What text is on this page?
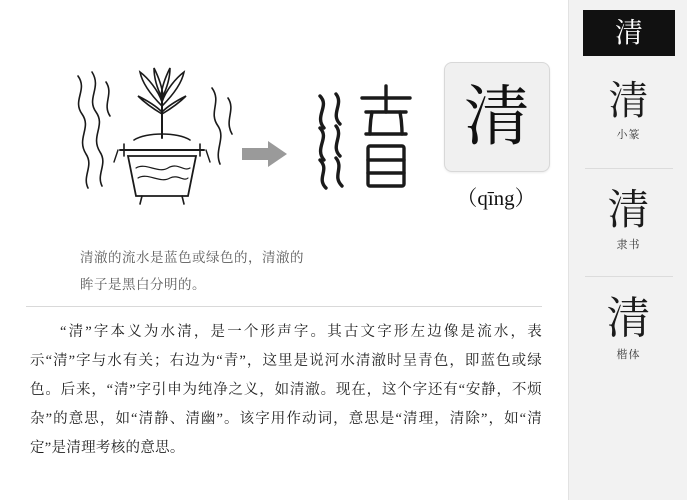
清
（qīng）
清澈的流水是蓝色或绿色的，清澈的
眸子是黑白分明的。
“清”字本义为水清，是一个形声字。其古文字形左边像是流水，表示“清”字与水有关；右边为“青”，这里是说河水清澈时呈青色，即蓝色或绿色。后来，“清”字引申为纯净之义，如清澈。现在，这个字还有“安静，不烦杂”的意思，如“清静、清幽”。该字用作动词，意思是“清理，清除”，如“清定”是清理考核的意思。
清
清
小篆
清
隶书
清
楷体
